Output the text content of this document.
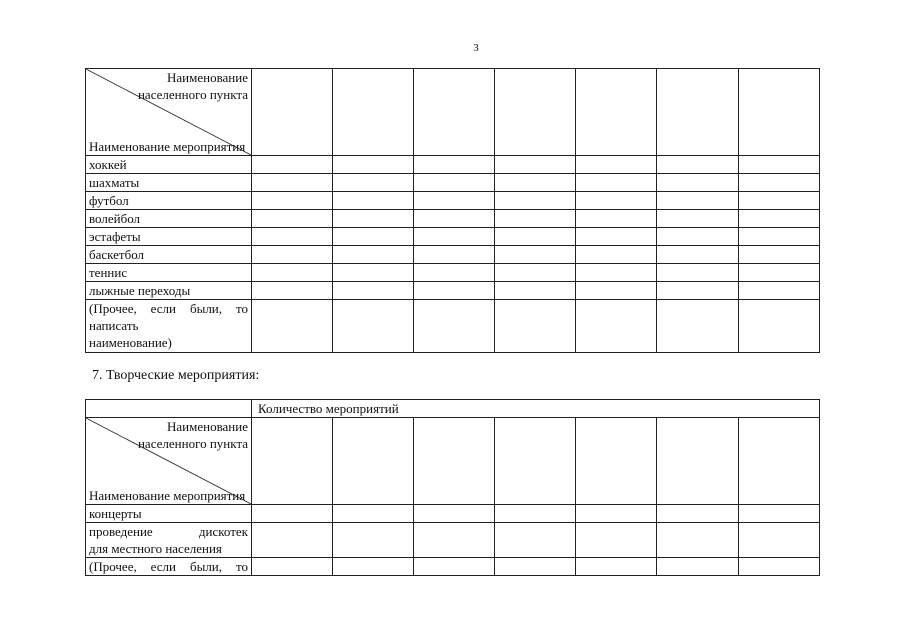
3
Наименование населенного пункта
Наименование мероприятия							

хоккей							
шахматы							
футбол							
волейбол							
эстафеты							
баскетбол							
теннис							
лыжные переходы							

(Прочее, если были, то
написать
наименование)							

7. Творческие мероприятия:
	Количество мероприятий						

Наименование населенного пункта
Наименование мероприятия							

концерты							

проведение дискотек
для местного населения							

(Прочее, если были, то							
